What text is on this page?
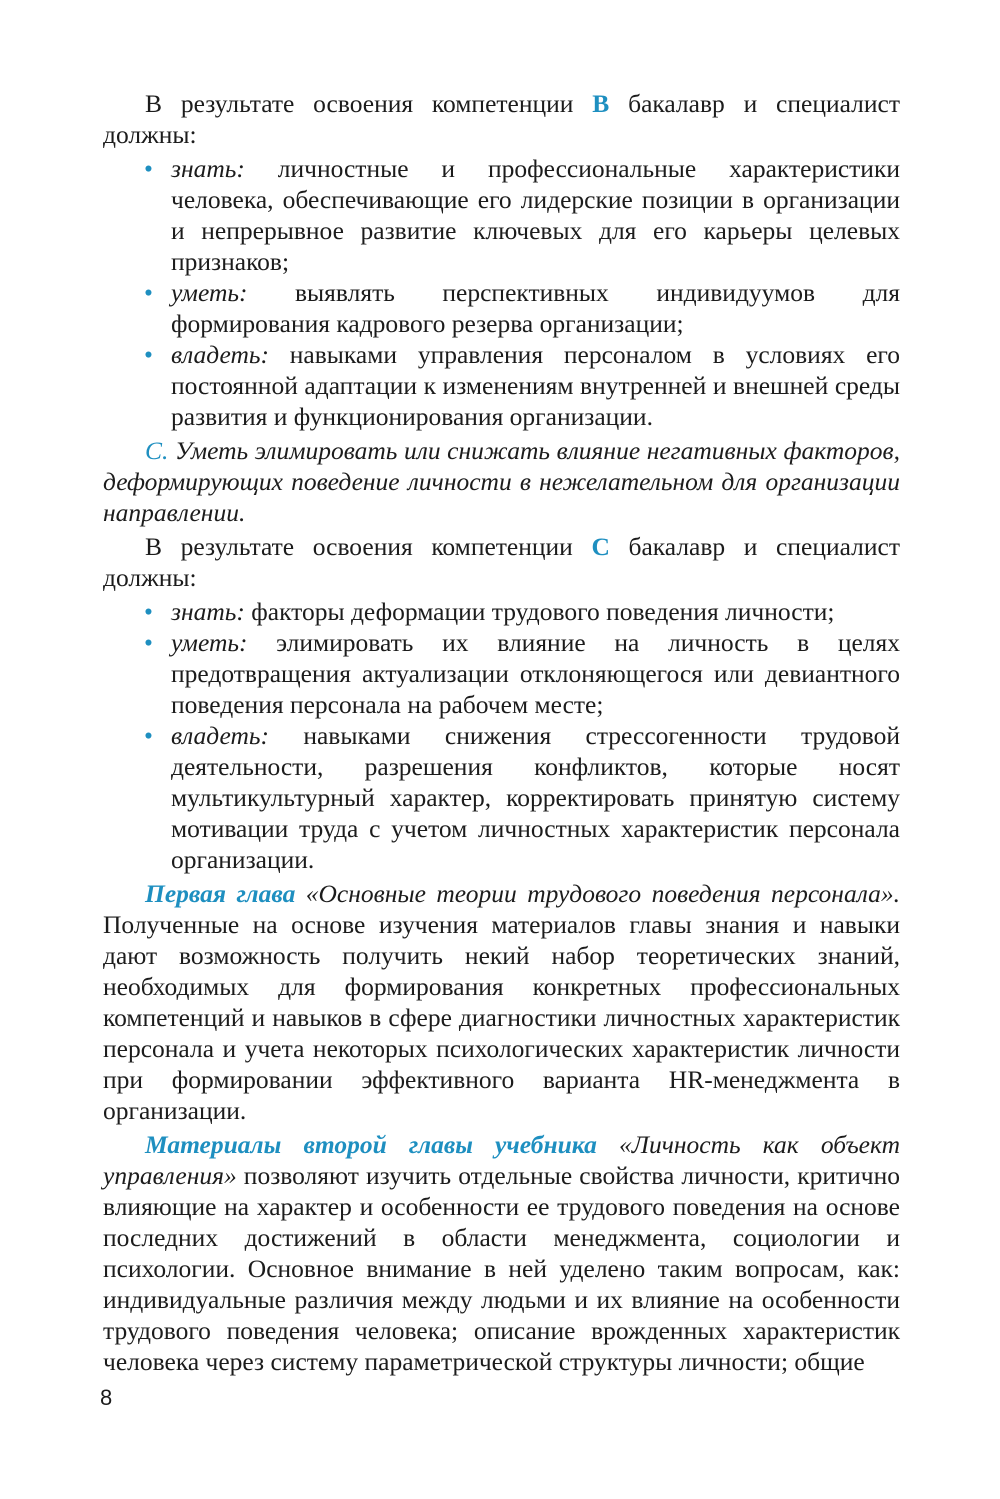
В результате освоения компетенции B бакалавр и специалист должны:

• знать: личностные и профессиональные характеристики человека, обеспечивающие его лидерские позиции в организации и непрерывное развитие ключевых для его карьеры целевых признаков;
• уметь: выявлять перспективных индивидуумов для формирования кадрового резерва организации;
• владеть: навыками управления персоналом в условиях его постоянной адаптации к изменениям внутренней и внешней среды развития и функционирования организации.

С. Уметь элимировать или снижать влияние негативных факторов, деформирующих поведение личности в нежелательном для организации направлении.

В результате освоения компетенции С бакалавр и специалист должны:

• знать: факторы деформации трудового поведения личности;
• уметь: элимировать их влияние на личность в целях предотвращения актуализации отклоняющегося или девиантного поведения персонала на рабочем месте;
• владеть: навыками снижения стрессогенности трудовой деятельности, разрешения конфликтов, которые носят мультикультурный характер, корректировать принятую систему мотивации труда с учетом личностных характеристик персонала организации.

Первая глава «Основные теории трудового поведения персонала». Полученные на основе изучения материалов главы знания и навыки дают возможность получить некий набор теоретических знаний, необходимых для формирования конкретных профессиональных компетенций и навыков в сфере диагностики личностных характеристик персонала и учета некоторых психологических характеристик личности при формировании эффективного варианта HR-менеджмента в организации.

Материалы второй главы учебника «Личность как объект управления» позволяют изучить отдельные свойства личности, критично влияющие на характер и особенности ее трудового поведения на основе последних достижений в области менеджмента, социологии и психологии. Основное внимание в ней уделено таким вопросам, как: индивидуальные различия между людьми и их влияние на особенности трудового поведения человека; описание врожденных характеристик человека через систему параметрической структуры личности; общие

8
